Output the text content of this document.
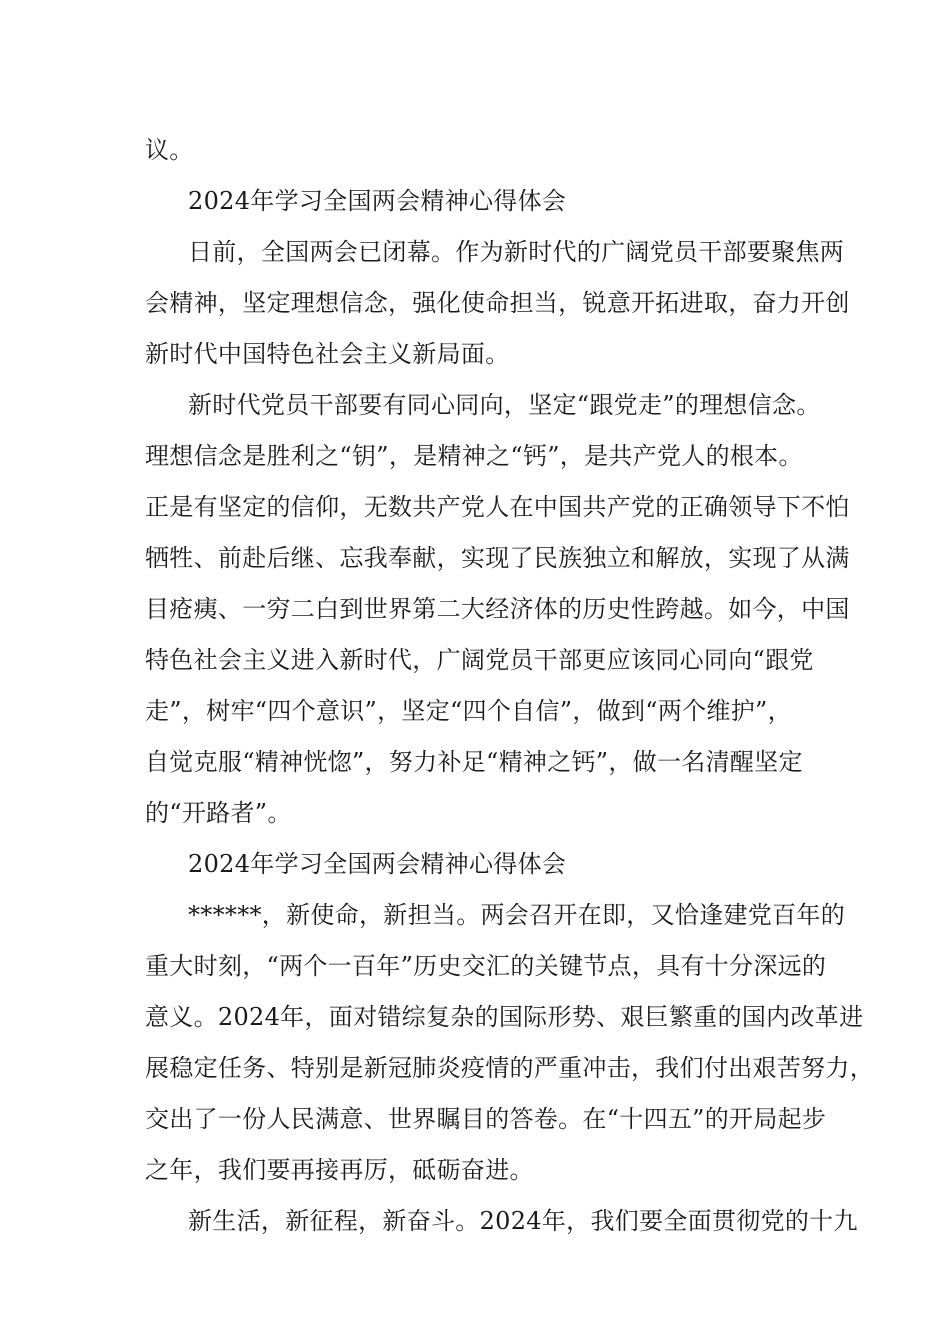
议。
2024年学习全国两会精神心得体会
日前，全国两会已闭幕。作为新时代的广阔党员干部要聚焦两
会精神，坚定理想信念，强化使命担当，锐意开拓进取，奋力开创
新时代中国特色社会主义新局面。
新时代党员干部要有同心同向，坚定“跟党走”的理想信念。
理想信念是胜利之“钥”，是精神之“钙”，是共产党人的根本。
正是有坚定的信仰，无数共产党人在中国共产党的正确领导下不怕
牺牲、前赴后继、忘我奉献，实现了民族独立和解放，实现了从满
目疮痍、一穷二白到世界第二大经济体的历史性跨越。如今，中国
特色社会主义进入新时代，广阔党员干部更应该同心同向“跟党
走”，树牢“四个意识”，坚定“四个自信”，做到“两个维护”，
自觉克服“精神恍惚”，努力补足“精神之钙”，做一名清醒坚定
的“开路者”。
2024年学习全国两会精神心得体会
******，新使命，新担当。两会召开在即，又恰逢建党百年的
重大时刻，“两个一百年”历史交汇的关键节点，具有十分深远的
意义。2024年，面对错综复杂的国际形势、艰巨繁重的国内改革进
展稳定任务、特别是新冠肺炎疫情的严重冲击，我们付出艰苦努力，
交出了一份人民满意、世界瞩目的答卷。在“十四五”的开局起步
之年，我们要再接再厉，砥砺奋进。
新生活，新征程，新奋斗。2024年，我们要全面贯彻党的十九
